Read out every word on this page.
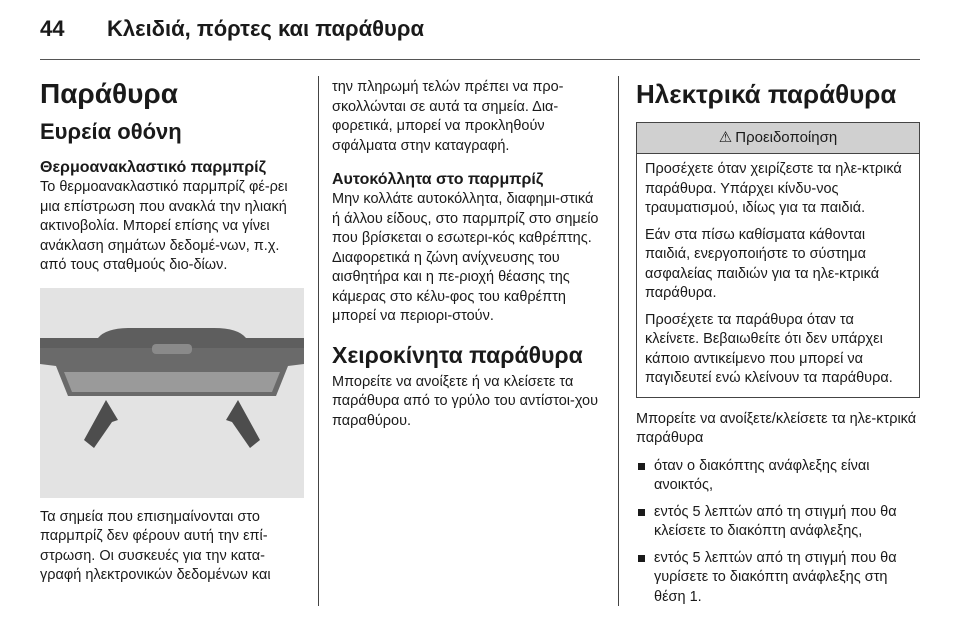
44 Κλειδιά, πόρτες και παράθυρα
Παράθυρα
Ευρεία οθόνη
Θερμοανακλαστικό παρμπρίζ

Το θερμοανακλαστικό παρμπρίζ φέ-ρει μια επίστρωση που ανακλά την ηλιακή ακτινοβολία. Μπορεί επίσης να γίνει ανάκλαση σημάτων δεδομέ-νων, π.χ. από τους σταθμούς διο-δίων.

Τα σημεία που επισημαίνονται στο παρμπρίζ δεν φέρουν αυτή την επί-στρωση. Οι συσκευές για την κατα-γραφή ηλεκτρονικών δεδομένων και

την πληρωμή τελών πρέπει να προ-σκολλώνται σε αυτά τα σημεία. Δια-φορετικά, μπορεί να προκληθούν σφάλματα στην καταγραφή.

Αυτοκόλλητα στο παρμπρίζ

Μην κολλάτε αυτοκόλλητα, διαφημι-στικά ή άλλου είδους, στο παρμπρίζ στο σημείο που βρίσκεται ο εσωτερι-κός καθρέπτης. Διαφορετικά η ζώνη ανίχνευσης του αισθητήρα και η πε-ριοχή θέασης της κάμερας στο κέλυ-φος του καθρέπτη μπορεί να περιορι-στούν.

Χειροκίνητα παράθυρα

Μπορείτε να ανοίξετε ή να κλείσετε τα παράθυρα από το γρύλο του αντίστοι-χου παραθύρου.

Ηλεκτρικά παράθυρα
⚠ Προειδοποίηση

Προσέχετε όταν χειρίζεστε τα ηλε-κτρικά παράθυρα. Υπάρχει κίνδυ-νος τραυματισμού, ιδίως για τα παιδιά.

Εάν στα πίσω καθίσματα κάθονται παιδιά, ενεργοποιήστε το σύστημα ασφαλείας παιδιών για τα ηλε-κτρικά παράθυρα.

Προσέχετε τα παράθυρα όταν τα κλείνετε. Βεβαιωθείτε ότι δεν υπάρχει κάποιο αντικείμενο που μπορεί να παγιδευτεί ενώ κλείνουν τα παράθυρα.

Μπορείτε να ανοίξετε/κλείσετε τα ηλε-κτρικά παράθυρα

όταν ο διακόπτης ανάφλεξης είναι ανοικτός,
εντός 5 λεπτών από τη στιγμή που θα κλείσετε το διακόπτη ανάφλεξης,
εντός 5 λεπτών από τη στιγμή που θα γυρίσετε το διακόπτη ανάφλεξης στη θέση 1.
